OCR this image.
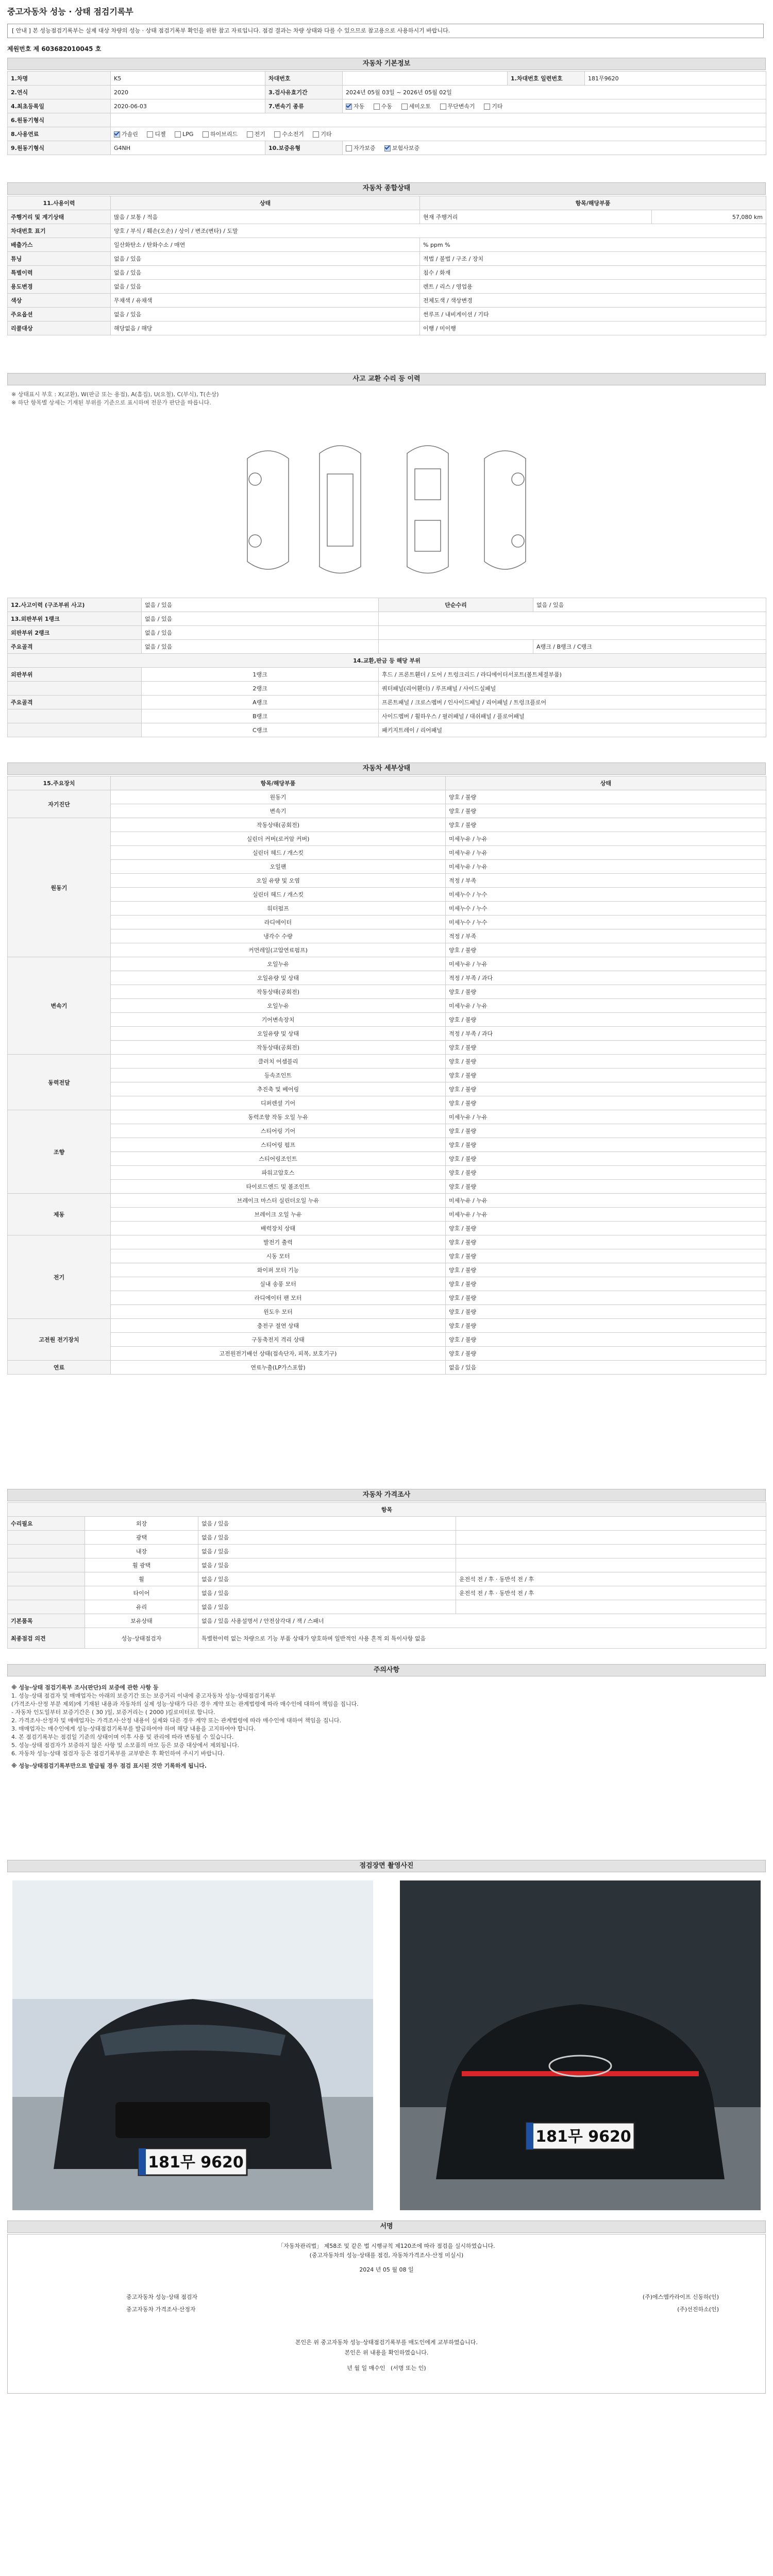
중고자동차 성능 · 상태 점검기록부
[ 안내 ] 본 성능점검기록부는 실제 대상 차량의 성능 · 상태 점검기록부 확인을 위한 참고 자료입니다. 점검 결과는 차량 상태와 다를 수 있으므로 참고용으로 사용하시기 바랍니다.
제원번호 제 603682010045 호
자동차 기본정보
1.차명	K5	차대번호		1.차대번호 일련번호	181무9620
2.연식	2020	3.검사유효기간	2024년 05월 03일 ~ 2026년 05월 02일		
4.최초등록일	2020-06-03	7.변속기 종류	자동 수동 세미오토 무단변속기 기타		
6.원동기형식					
8.사용연료	가솔린 디젤 LPG 하이브리드 전기 수소전기 기타				
9.원동기형식	G4NH	10.보증유형	자가보증 보험사보증		
자동차 종합상태
11.사용이력	상태	항목/해당부품	
주행거리 및 계기상태	많음 / 보통 / 적음	현재 주행거리	57,080 km
차대번호 표기	양호 / 부식 / 훼손(오손) / 상이 / 변조(변타) / 도말		
배출가스	일산화탄소 / 탄화수소 / 매연	% ppm %	
튜닝	없음 / 있음	적법 / 불법 / 구조 / 장치	
특별이력	없음 / 있음	침수 / 화재	
용도변경	없음 / 있음	렌트 / 리스 / 영업용	
색상	무채색 / 유채색	전체도색 / 색상변경	
주요옵션	없음 / 있음	썬루프 / 내비게이션 / 기타	
리콜대상	해당없음 / 해당	이행 / 미이행	
사고 교환 수리 등 이력
※ 상태표시 부호 : X(교환), W(판금 또는 용접), A(흠집), U(요철), C(부식), T(손상)
※ 하단 항목별 상세는 기재된 부위를 기준으로 표시하며 전문가 판단을 따릅니다.
12.사고이력 (구조부위 사고)	없음 / 있음	단순수리	없음 / 있음
13.외판부위 1랭크	없음 / 있음		
외판부위 2랭크	없음 / 있음		
주요골격	없음 / 있음		A랭크 / B랭크 / C랭크
14.교환,판금 등 해당 부위			
외판부위	1랭크	후드 / 프론트휀더 / 도어 / 트렁크리드 / 라디에이터서포트(볼트체결부품)	
	2랭크	쿼터패널(리어휀더) / 루프패널 / 사이드실패널	
주요골격	A랭크	프론트패널 / 크로스멤버 / 인사이드패널 / 리어패널 / 트렁크플로어	
	B랭크	사이드멤버 / 휠하우스 / 필러패널 / 대쉬패널 / 플로어패널	
	C랭크	패키지트레이 / 리어패널	
자동차 세부상태
15.주요장치	항목/해당부품	상태
자기진단	원동기	양호 / 불량
	변속기	양호 / 불량
원동기	작동상태(공회전)	양호 / 불량
	실린더 커버(로커암 커버)	미세누유 / 누유
	실린더 헤드 / 개스킷	미세누유 / 누유
	오일팬	미세누유 / 누유
	오일 유량 및 오염	적정 / 부족
	실린더 헤드 / 개스킷	미세누수 / 누수
	워터펌프	미세누수 / 누수
	라디에이터	미세누수 / 누수
	냉각수 수량	적정 / 부족
	커먼레일(고압연료펌프)	양호 / 불량
변속기	오일누유	미세누유 / 누유
	오일유량 및 상태	적정 / 부족 / 과다
	작동상태(공회전)	양호 / 불량
	오일누유	미세누유 / 누유
	기어변속장치	양호 / 불량
	오일유량 및 상태	적정 / 부족 / 과다
	작동상태(공회전)	양호 / 불량
동력전달	클러치 어셈블리	양호 / 불량
	등속조인트	양호 / 불량
	추진축 및 베어링	양호 / 불량
	디퍼렌셜 기어	양호 / 불량
조향	동력조향 작동 오일 누유	미세누유 / 누유
	스티어링 기어	양호 / 불량
	스티어링 펌프	양호 / 불량
	스티어링조인트	양호 / 불량
	파워고압호스	양호 / 불량
	타이로드엔드 및 볼조인트	양호 / 불량
제동	브레이크 마스터 실린더오일 누유	미세누유 / 누유
	브레이크 오일 누유	미세누유 / 누유
	배력장치 상태	양호 / 불량
전기	발전기 출력	양호 / 불량
	시동 모터	양호 / 불량
	와이퍼 모터 기능	양호 / 불량
	실내 송풍 모터	양호 / 불량
	라디에이터 팬 모터	양호 / 불량
	윈도우 모터	양호 / 불량
고전원 전기장치	충전구 절연 상태	양호 / 불량
	구동축전지 격리 상태	양호 / 불량
	고전원전기배선 상태(접속단자, 피복, 보호기구)	양호 / 불량
연료	연료누출(LP가스포함)	없음 / 있음
자동차 가격조사
항목			
수리필요	외장	없음 / 있음	
	광택	없음 / 있음	
	내장	없음 / 있음	
	휠 광택	없음 / 있음	
	휠	없음 / 있음	운전석 전 / 후 · 동반석 전 / 후
	타이어	없음 / 있음	운전석 전 / 후 · 동반석 전 / 후
	유리	없음 / 있음	
기본품목	보유상태	없음 / 있음 사용설명서 / 안전삼각대 / 잭 / 스패너	
최종점검 의견	성능·상태점검자	특별한이력 없는 차량으로 기능 부품 상태가 양호하며 일반적인 사용 흔적 외 특이사항 없음	
주의사항
※ 성능·상태 점검기록부 조사(판단)의 보증에 관한 사항 등
1. 성능·상태 점검자 및 매매업자는 아래의 보증기간 또는 보증거리 이내에 중고자동차 성능·상태점검기록부
(가격조사·산정 부분 제외)에 기재된 내용과 자동차의 실제 성능·상태가 다른 경우 계약 또는 관계법령에 따라 매수인에 대하여 책임을 집니다.
- 자동차 인도일부터 보증기간은 ( 30 )일, 보증거리는 ( 2000 )킬로미터로 합니다.
2. 가격조사·산정자 및 매매업자는 가격조사·산정 내용이 실제와 다른 경우 계약 또는 관계법령에 따라 매수인에 대하여 책임을 집니다.
3. 매매업자는 매수인에게 성능·상태점검기록부를 발급하여야 하며 해당 내용을 고지하여야 합니다.
4. 본 점검기록부는 점검일 기준의 상태이며 이후 사용 및 관리에 따라 변동될 수 있습니다.
5. 성능·상태 점검자가 보증하지 않은 사항 및 소모품의 마모 등은 보증 대상에서 제외됩니다.
6. 자동차 성능·상태 점검자 등은 점검기록부를 교부받은 후 확인하여 주시기 바랍니다.
※ 성능·상태점검기록부만으로 발급될 경우 점검 표시된 것만 기록하게 됩니다.
점검장면 촬영사진
181무 9620
181무 9620
서명
「자동차관리법」 제58조 및 같은 법 시행규칙 제120조에 따라 점검을 실시하였습니다.
(중고자동차의 성능·상태를 점검, 자동차가격조사·산정 미실시)
2024 년 05 월 08 일
중고자동차 성능·상태 점검자
중고자동차 가격조사·산정자
(주)에스엠카라이프 신동하(인)
(주)선진하소(인)
본인은 위 중고자동차 성능·상태점검기록부를 매도인에게 교부하였습니다.
본인은 위 내용을 확인하였습니다.
년 월 일 매수인 (서명 또는 인)
